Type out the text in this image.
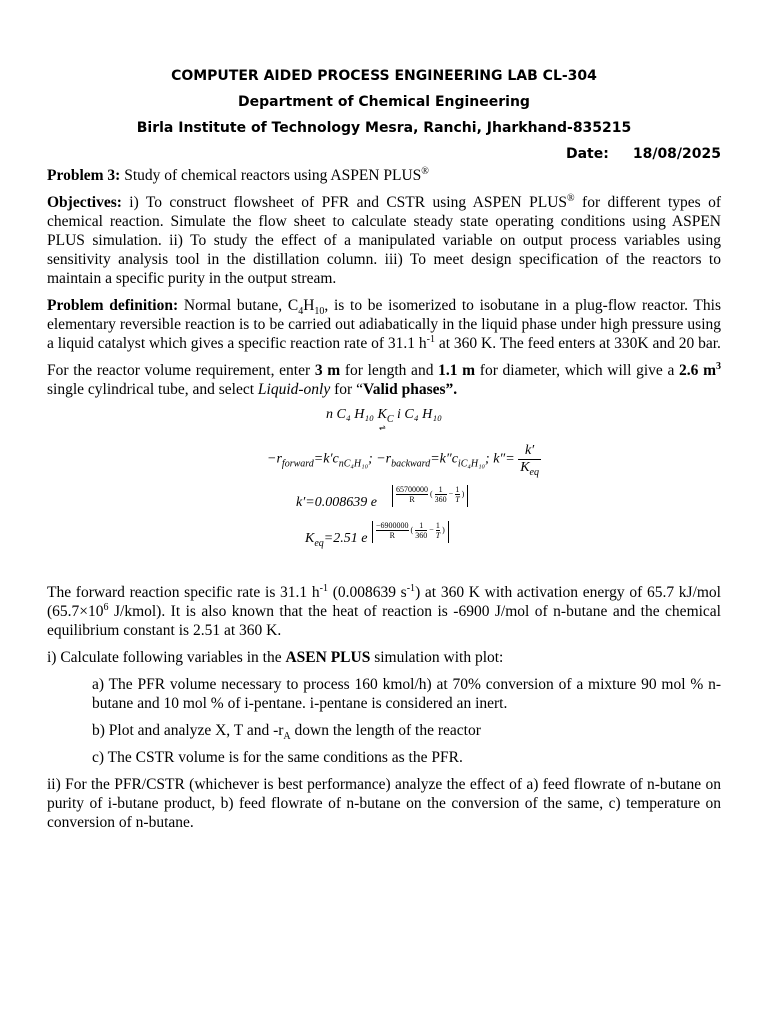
COMPUTER AIDED PROCESS ENGINEERING LAB CL-304
Department of Chemical Engineering
Birla Institute of Technology Mesra, Ranchi, Jharkhand-835215
Date: 18/08/2025

Problem 3: Study of chemical reactors using ASPEN PLUS®

Objectives: i) To construct flowsheet of PFR and CSTR using ASPEN PLUS® for different types of chemical reaction. Simulate the flow sheet to calculate steady state operating conditions using ASPEN PLUS simulation. ii) To study the effect of a manipulated variable on output process variables using sensitivity analysis tool in the distillation column. iii) To meet design specification of the reactors to maintain a specific purity in the output stream.

Problem definition: Normal butane, $C_4H_{10}$, is to be isomerized to isobutane in a plug-flow reactor. This elementary reversible reaction is to be carried out adiabatically in the liquid phase under high pressure using a liquid catalyst which gives a specific reaction rate of 31.1 $h^{-1}$ at 360 K. The feed enters at 330K and 20 bar.

For the reactor volume requirement, enter 3 m for length and 1.1 m for diameter, which will give a 2.6 $m^3$ single cylindrical tube, and select Liquid-only for “Valid phases”.

n C₄ H₁₀ $K_C$ i C₄ H₁₀
⇌
$-r_{forward}=k'c_{nC_4H_{10}}$; $-r_{backward}=k''c_{iC_4H_{10}}$; $k''= \frac{k'}{K_{eq}}$
k′=0.008639 e $\frac{65700000}{R}$ ( $\frac{1}{360} - \frac{1}{T}$ )
$K_{eq}=2.51$ e $\frac{-6900000}{R}$ ( $\frac{1}{360} - \frac{1}{T}$ )

The forward reaction specific rate is 31.1 $h^{-1}$ (0.008639 $s^{-1}$) at 360 K with activation energy of 65.7 kJ/mol ($65.7\times 10^6$ J/kmol). It is also known that the heat of reaction is -6900 J/mol of n-butane and the chemical equilibrium constant is 2.51 at 360 K.

i) Calculate following variables in the ASEN PLUS simulation with plot:

a) The PFR volume necessary to process 160 kmol/h) at 70% conversion of a mixture 90 mol % n-butane and 10 mol % of i-pentane. i-pentane is considered an inert.

b) Plot and analyze X, T and $-r_A$ down the length of the reactor

c) The CSTR volume is for the same conditions as the PFR.

ii) For the PFR/CSTR (whichever is best performance) analyze the effect of a) feed flowrate of n-butane on purity of i-butane product, b) feed flowrate of n-butane on the conversion of the same, c) temperature on conversion of n-butane.
